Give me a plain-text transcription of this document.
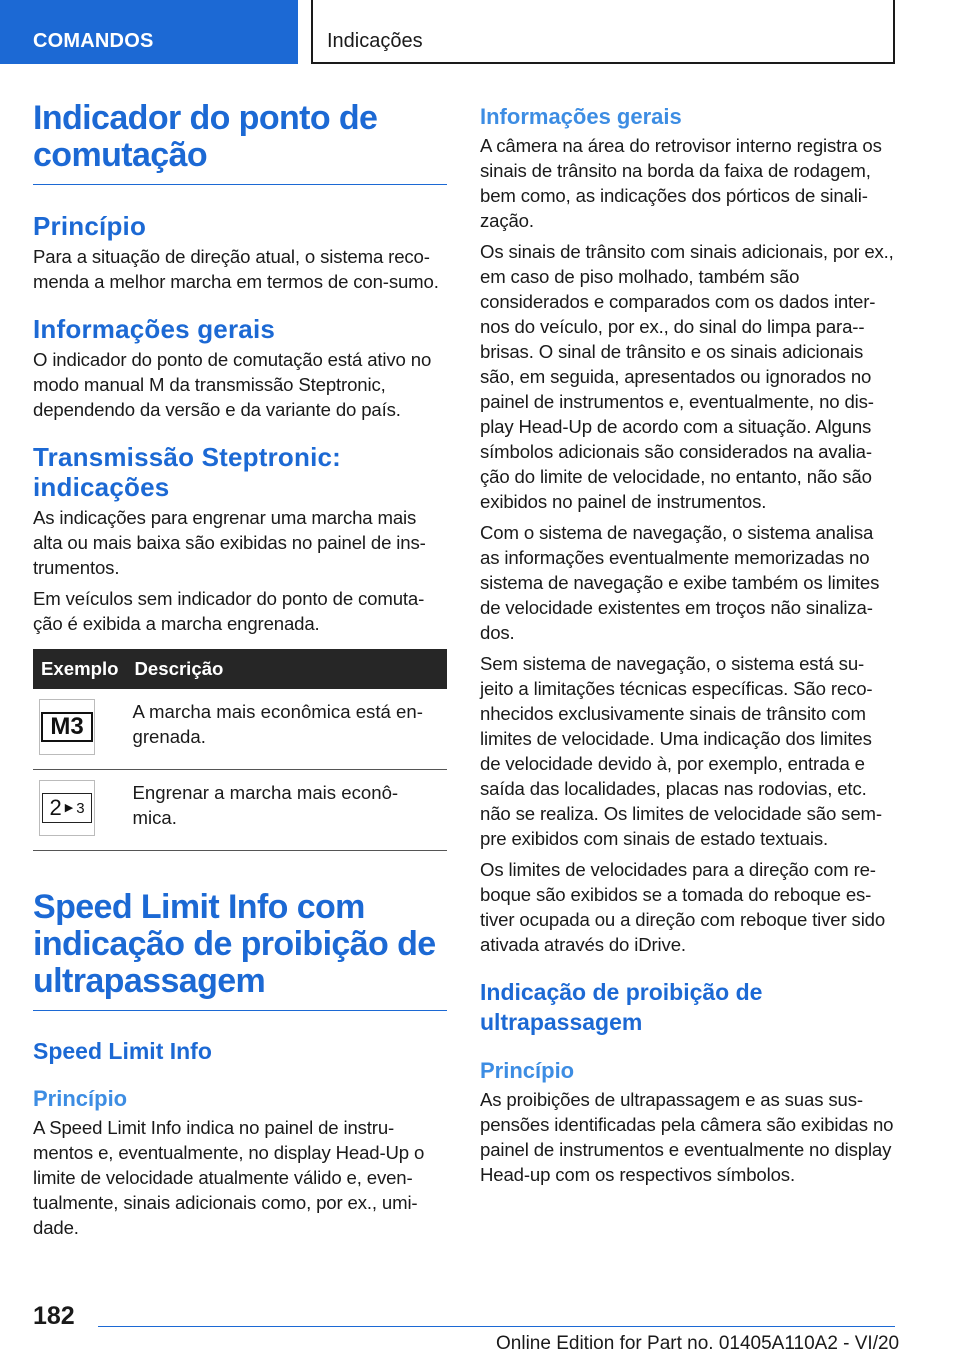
COMANDOS	Indicações
Indicador do ponto de comutação
Princípio

Para a situação de direção atual, o sistema reco-menda a melhor marcha em termos de con-sumo.

Informações gerais

O indicador do ponto de comutação está ativo no modo manual M da transmissão Steptronic, dependendo da versão e da variante do país.

Transmissão Steptronic: indicações

As indicações para engrenar uma marcha mais alta ou mais baixa são exibidas no painel de ins-trumentos.

Em veículos sem indicador do ponto de comuta-ção é exibida a marcha engrenada.

Exemplo	Descrição

M3	A marcha mais econômica está en-grenada.

2 ▶ 3	Engrenar a marcha mais econô-mica.
Speed Limit Info com indicação de proibição de ultrapassagem
Speed Limit Info
Princípio

A Speed Limit Info indica no painel de instru-mentos e, eventualmente, no display Head-Up o limite de velocidade atualmente válido e, even-tualmente, sinais adicionais como, por ex., umi-dade.

Informações gerais

A câmera na área do retrovisor interno registra os sinais de trânsito na borda da faixa de rodagem, bem como, as indicações dos pórticos de sinali-zação.

Os sinais de trânsito com sinais adicionais, por ex., em caso de piso molhado, também são considerados e comparados com os dados inter-nos do veículo, por ex., do sinal do limpa para--brisas. O sinal de trânsito e os sinais adicionais são, em seguida, apresentados ou ignorados no painel de instrumentos e, eventualmente, no dis-play Head-Up de acordo com a situação. Alguns símbolos adicionais são considerados na avalia-ção do limite de velocidade, no entanto, não são exibidos no painel de instrumentos.

Com o sistema de navegação, o sistema analisa as informações eventualmente memorizadas no sistema de navegação e exibe também os limites de velocidade existentes em troços não sinaliza-dos.

Sem sistema de navegação, o sistema está su-jeito a limitações técnicas específicas. São reco-nhecidos exclusivamente sinais de trânsito com limites de velocidade. Uma indicação dos limites de velocidade devido à, por exemplo, entrada e saída das localidades, placas nas rodovias, etc. não se realiza. Os limites de velocidade são sem-pre exibidos com sinais de estado textuais.

Os limites de velocidades para a direção com re-boque são exibidos se a tomada do reboque es-tiver ocupada ou a direção com reboque tiver sido ativada através do iDrive.

Indicação de proibição de ultrapassagem
Princípio

As proibições de ultrapassagem e as suas sus-pensões identificadas pela câmera são exibidas no painel de instrumentos e eventualmente no display Head-up com os respectivos símbolos.

182
Online Edition for Part no. 01405A110A2 - VI/20
